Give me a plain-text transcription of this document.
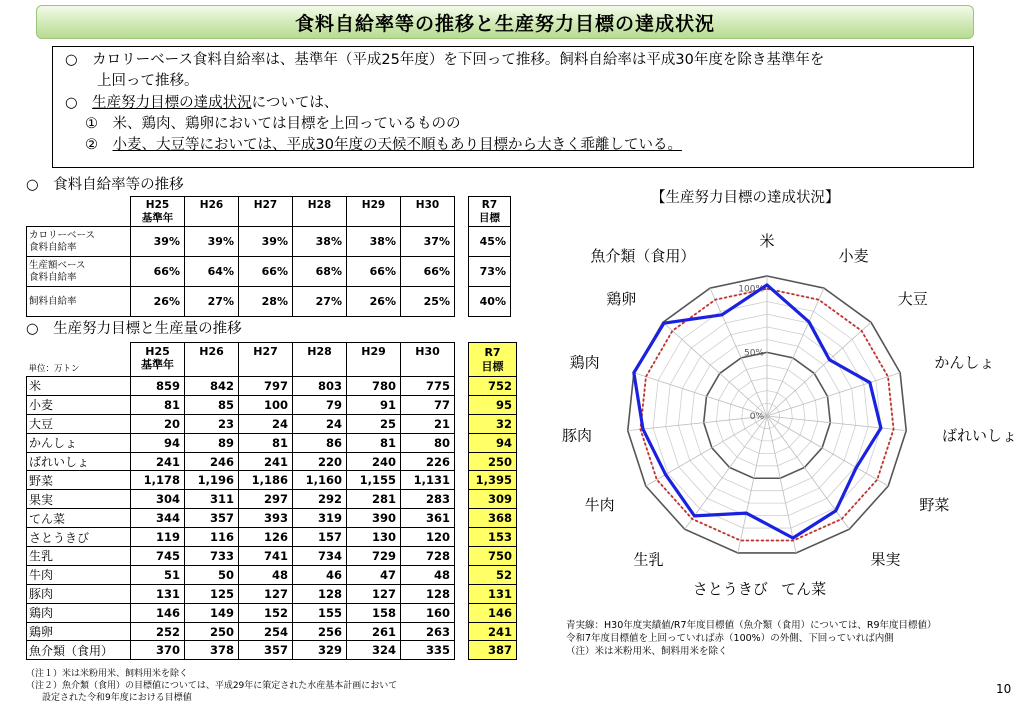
食料自給率等の推移と生産努力目標の達成状況
○　カロリーベース食料自給率は、基準年（平成25年度）を下回って推移。飼料自給率は平成30年度を除き基準年を
上回って推移。
○　生産努力目標の達成状況については、
①　米、鶏肉、鶏卵においては目標を上回っているものの
②　小麦、大豆等においては、平成30年度の天候不順もあり目標から大きく乖離している。
○　食料自給率等の推移
	H25
基準年	H26	H27	H28	H29	H30		R7
目標
カロリーベース
食料自給率	39%	39%	39%	38%	38%	37%		45%
生産額ベース
食料自給率	66%	64%	66%	68%	66%	66%		73%
飼料自給率	26%	27%	28%	27%	26%	25%		40%
○　生産努力目標と生産量の推移
単位：万トン	H25
基準年	H26	H27	H28	H29	H30		R7
目標
米	859	842	797	803	780	775		752
小麦	81	85	100	79	91	77		95
大豆	20	23	24	24	25	21		32
かんしょ	94	89	81	86	81	80		94
ばれいしょ	241	246	241	220	240	226		250
野菜	1,178	1,196	1,186	1,160	1,155	1,131		1,395
果実	304	311	297	292	281	283		309
てん菜	344	357	393	319	390	361		368
さとうきび	119	116	126	157	130	120		153
生乳	745	733	741	734	729	728		750
牛肉	51	50	48	46	47	48		52
豚肉	131	125	127	128	127	128		131
鶏肉	146	149	152	155	158	160		146
鶏卵	252	250	254	256	261	263		241
魚介類（食用）	370	378	357	329	324	335		387
（注１）米は米粉用米、飼料用米を除く
（注２）魚介類（食用）の目標値については、平成29年に策定された水産基本計画において
設定された令和9年度における目標値
【生産努力目標の達成状況】
0%
50%
100%
米
小麦
大豆
かんしょ
ばれいしょ
野菜
果実
てん菜
さとうきび
生乳
牛肉
豚肉
鶏肉
鶏卵
魚介類（食用）
青実線：H30年度実績値/R7年度目標値（魚介類（食用）については、R9年度目標値）
令和7年度目標値を上回っていれば赤（100%）の外側、下回っていれば内側
（注）米は米粉用米、飼料用米を除く
10
